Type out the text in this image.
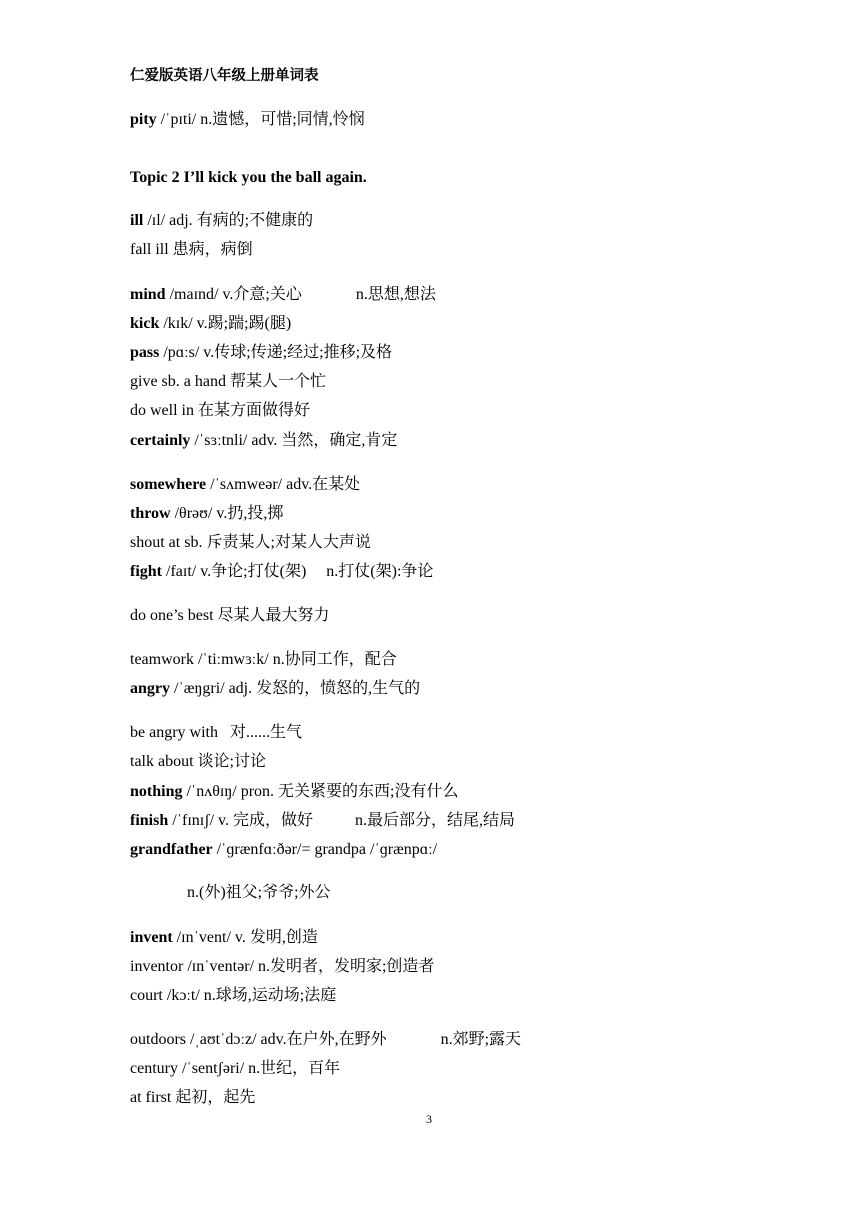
仁爱版英语八年级上册单词表
pity /ˈpɪti/ n.遗憾，可惜;同情,怜悯
Topic 2 I’ll kick you the ball again.
ill /ɪl/ adj. 有病的;不健康的
fall ill 患病，病倒
mind /maɪnd/ v.介意;关心	n.思想,想法
kick /kɪk/ v.踢;踹;踢(腿)
pass /pɑːs/ v.传球;传递;经过;推移;及格
give sb. a hand 帮某人一个忙
do well in 在某方面做得好
certainly /ˈsɜːtnli/ adv. 当然，确定,肯定
somewhere /ˈsʌmweər/ adv.在某处
throw /θrəʊ/ v.扔,投,掷
shout at sb. 斥责某人;对某人大声说
fight /faɪt/ v.争论;打仗(架) n.打仗(架):争论
do one’s best 尽某人最大努力
teamwork /ˈtiːmwɜːk/ n.协同工作，配合
angry /ˈæŋgri/ adj. 发怒的，愤怒的,生气的
be angry with 对......生气
talk about 谈论;讨论
nothing /ˈnʌθɪŋ/ pron. 无关紧要的东西;没有什么
finish /ˈfɪnɪʃ/ v. 完成，做好	n.最后部分，结尾,结局
grandfather /ˈɡrænfɑːðər/= grandpa /ˈɡrænpɑː/
n.(外)祖父;爷爷;外公
invent /ɪnˈvent/ v. 发明,创造
inventor /ɪnˈventər/ n.发明者，发明家;创造者
court /kɔːt/ n.球场,运动场;法庭
outdoors /ˌaʊtˈdɔːz/ adv.在户外,在野外	n.郊野;露天
century /ˈsentʃəri/ n.世纪，百年
at first 起初，起先
3
